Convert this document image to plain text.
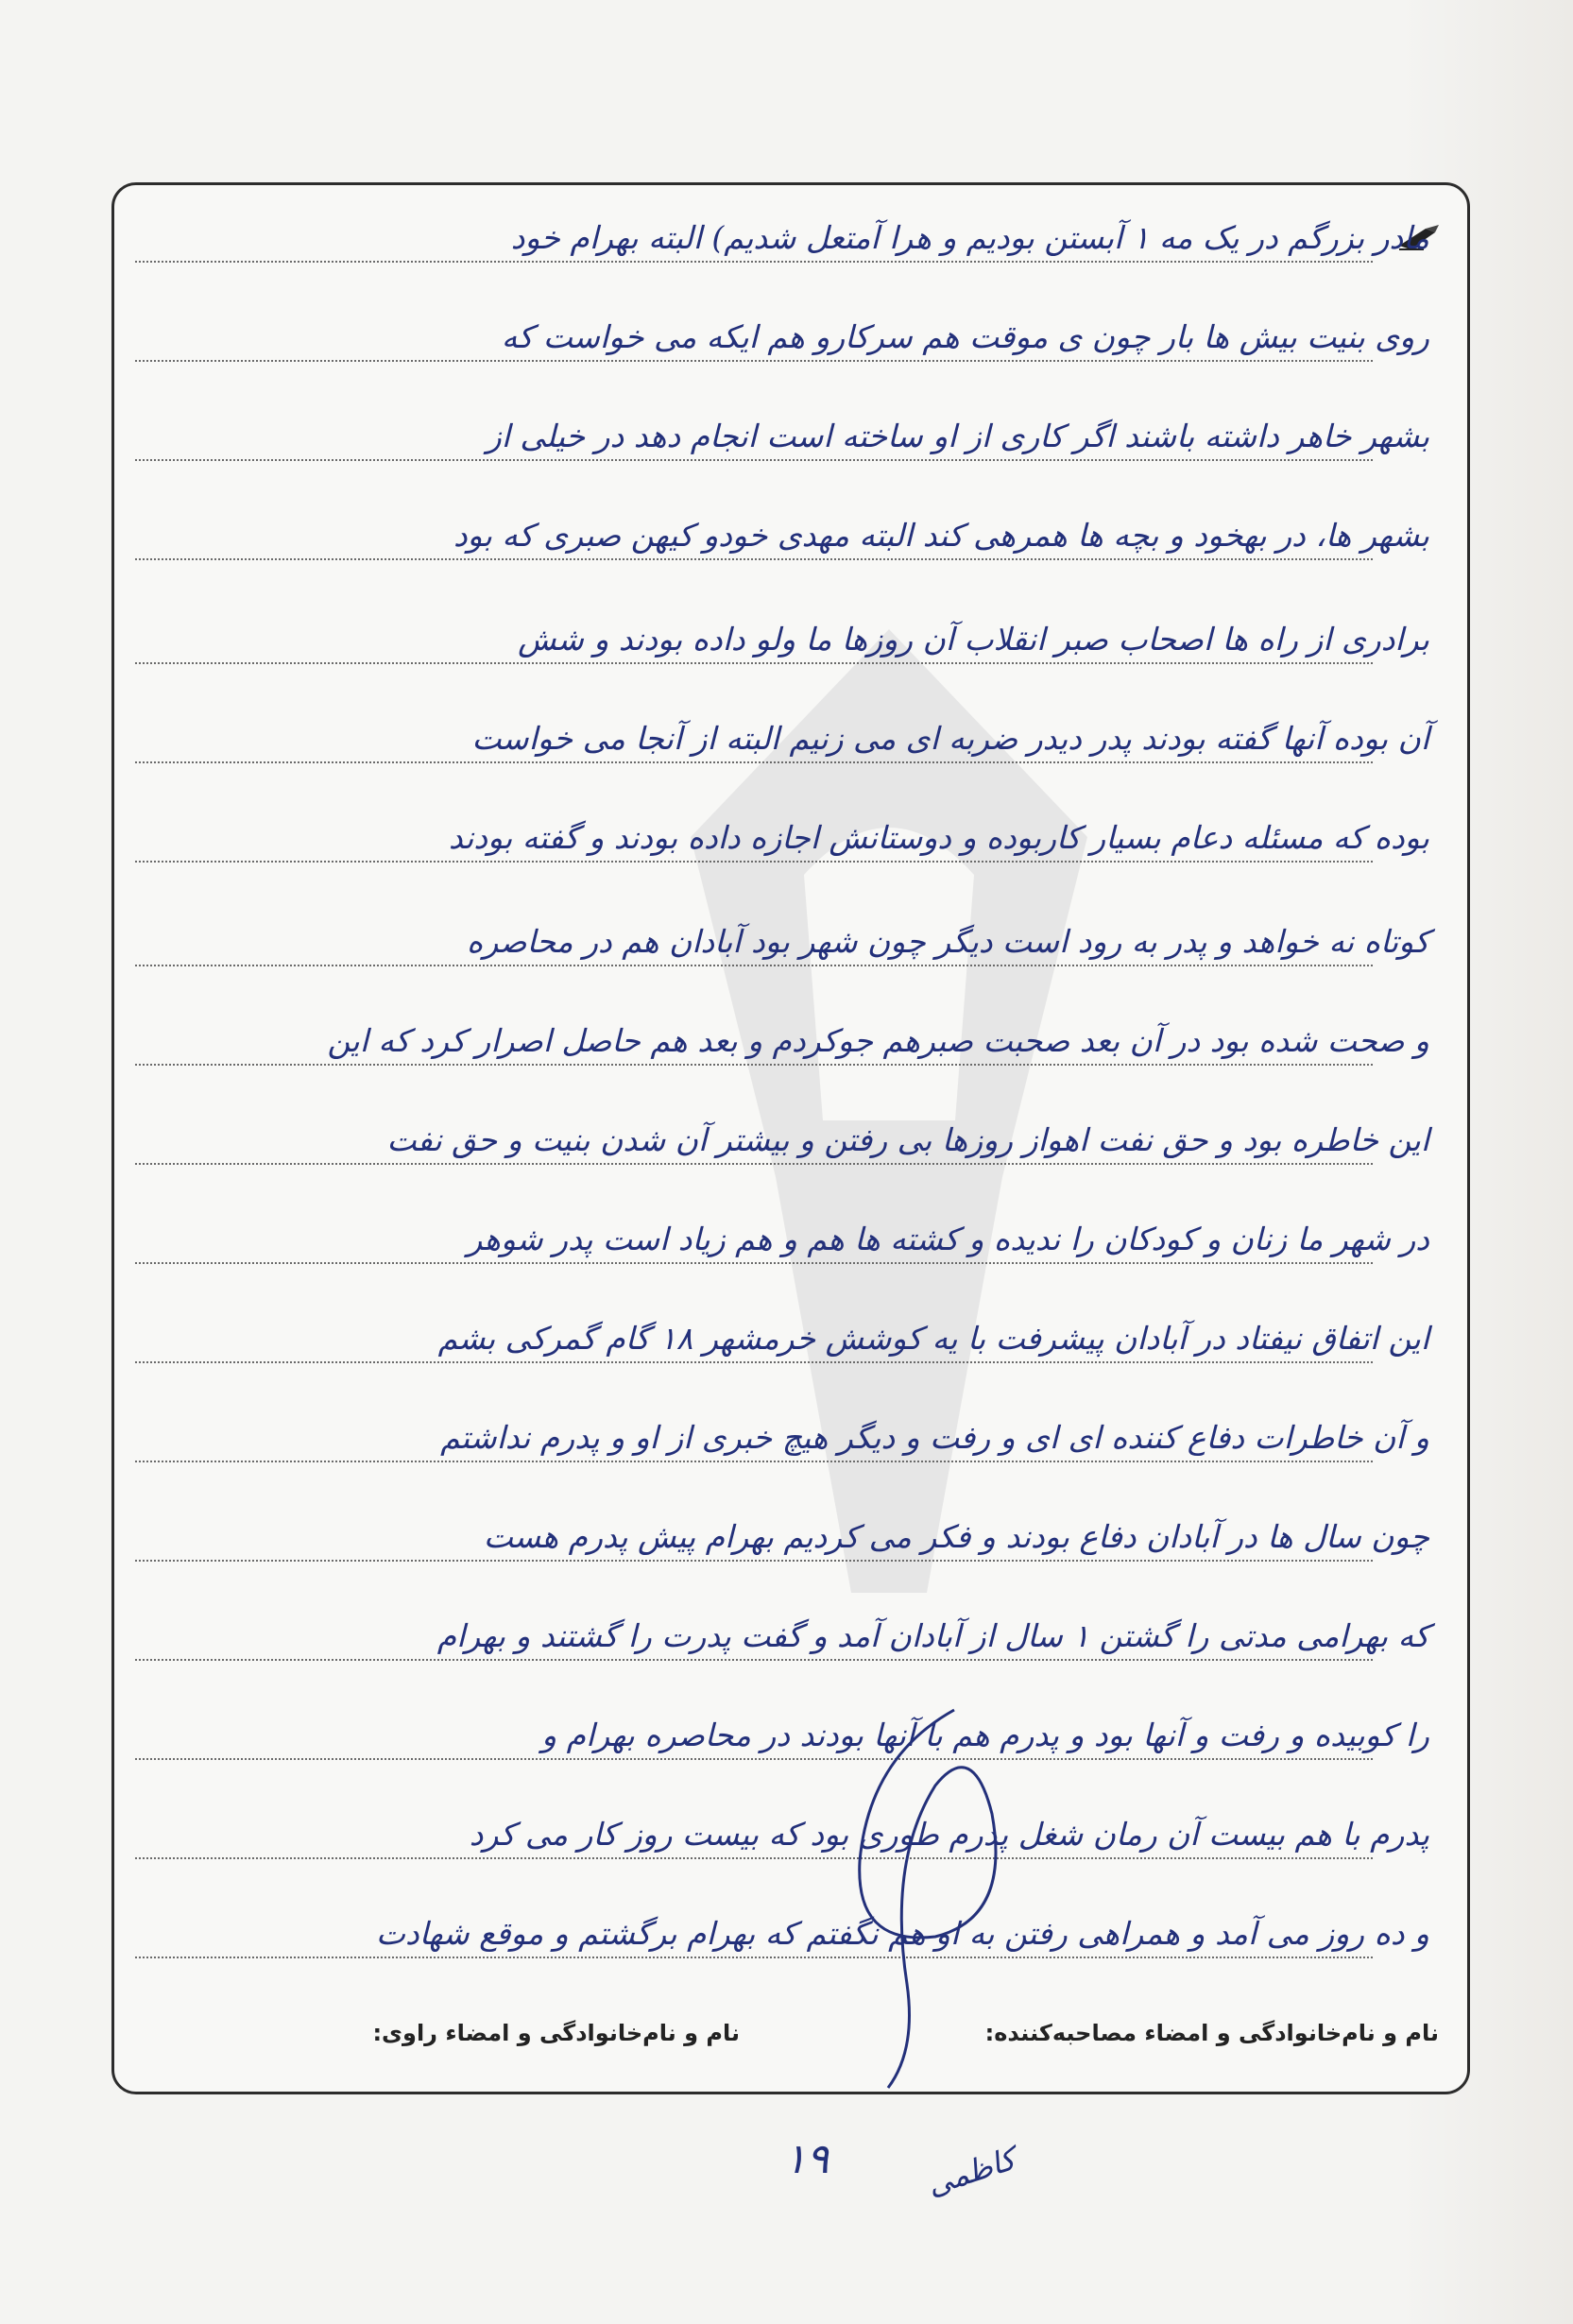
مادر بزرگم در یک مه ۱ آبستن بودیم و هرا آمتعل شدیم) البته بهرام خود
روی بنیت بیش ها بار چون ی موقت هم سرکارو هم ایکه می خواست که
بشهر خاهر داشته باشند اگر کاری از او ساخته است انجام دهد در خیلی از
بشهر ها، در بهخود و بچه ها همرهی کند البته مهدی خودو کیهن صبری که بود
برادری از راه ها اصحاب صبر انقلاب آن روزها ما ولو داده بودند و شش
آن بوده آنها گفته بودند پدر دیدر ضربه ای می زنیم البته از آنجا می خواست
بوده که مسئله دعام بسیار کاربوده و دوستانش اجازه داده بودند و گفته بودند
کوتاه نه خواهد و پدر به رود است دیگر چون شهر بود آبادان هم در محاصره
و صحت شده بود در آن بعد صحبت صبرهم جوکردم و بعد هم حاصل اصرار کرد که این
این خاطره بود و حق نفت اهواز روزها بی رفتن و بیشتر آن شدن بنیت و حق نفت
در شهر ما زنان و کودکان را ندیده و کشته ها هم و هم زیاد است پدر شوهر
این اتفاق نیفتاد در آبادان پیشرفت با یه کوشش خرمشهر ۱۸ گام گمرکی بشم
و آن خاطرات دفاع کننده ای ای و رفت و دیگر هیچ خبری از او و پدرم نداشتم
چون سال ها در آبادان دفاع بودند و فکر می کردیم بهرام پیش پدرم هست
که بهرامی مدتی را گشتن ۱ سال از آبادان آمد و گفت پدرت را گشتند و بهرام
را کوبیده و رفت و آنها بود و پدرم هم با آنها بودند در محاصره بهرام و
پدرم با هم بیست آن رمان شغل پدرم طوری بود که بیست روز کار می کرد
و ده روز می آمد و همراهی رفتن به او هم نگفتم که بهرام برگشتم و موقع شهادت
نام و نام‌خانوادگی و امضاء مصاحبه‌کننده:
نام و نام‌خانوادگی و امضاء راوی:
۱۹	کاظمی
